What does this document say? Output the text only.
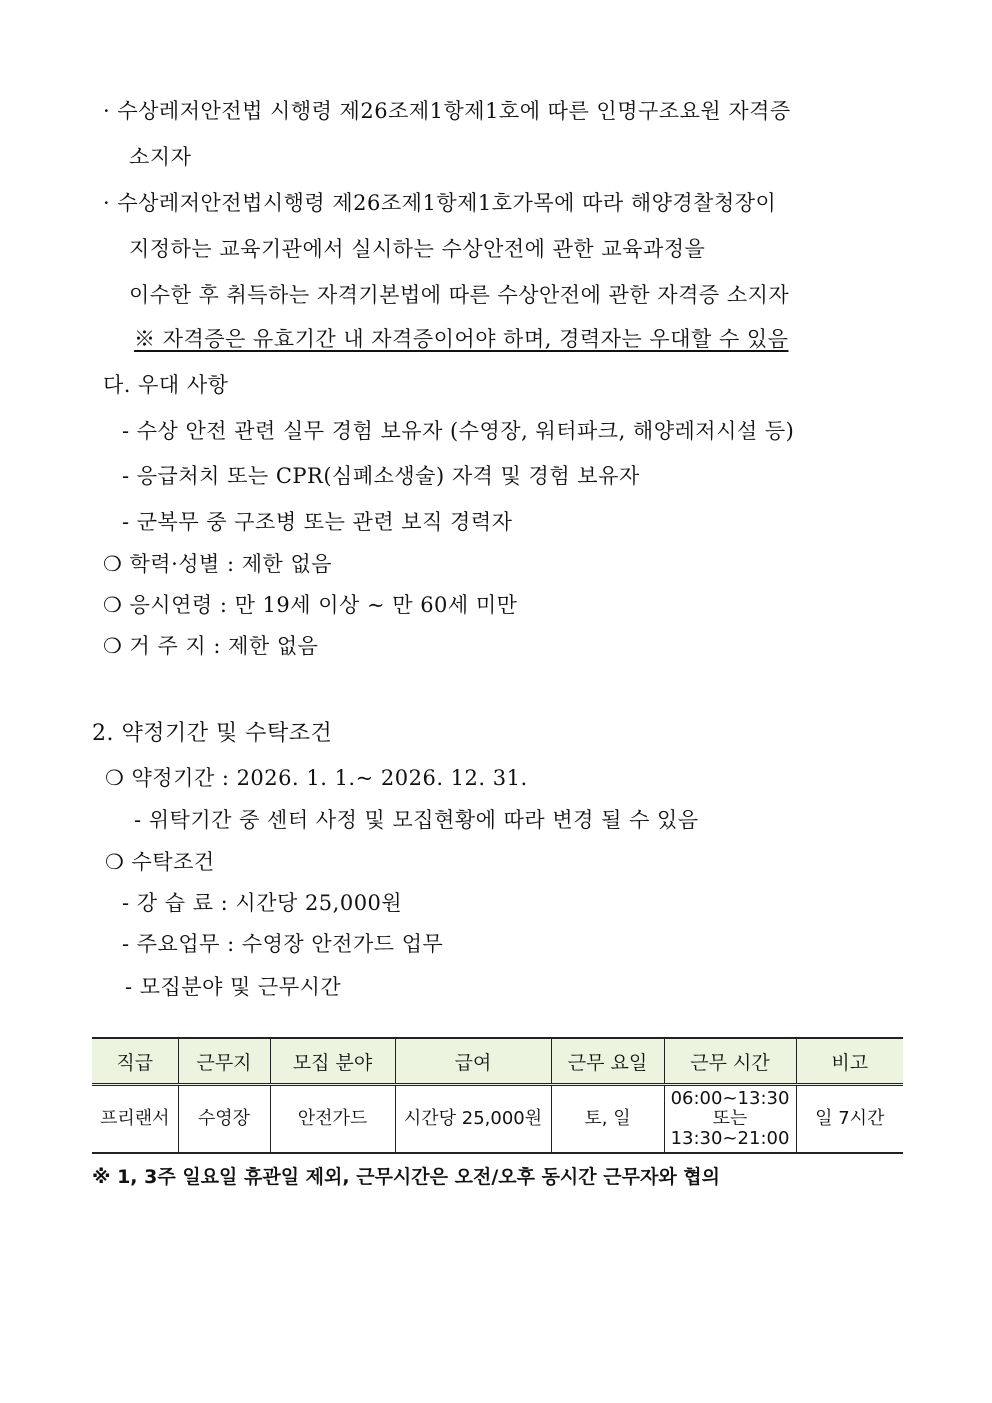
· 수상레저안전법 시행령 제26조제1항제1호에 따른 인명구조요원 자격증
소지자
· 수상레저안전법시행령 제26조제1항제1호가목에 따라 해양경찰청장이
지정하는 교육기관에서 실시하는 수상안전에 관한 교육과정을
이수한 후 취득하는 자격기본법에 따른 수상안전에 관한 자격증 소지자
※ 자격증은 유효기간 내 자격증이어야 하며, 경력자는 우대할 수 있음
다. 우대 사항
- 수상 안전 관련 실무 경험 보유자 (수영장, 워터파크, 해양레저시설 등)
- 응급처치 또는 CPR(심폐소생술) 자격 및 경험 보유자
- 군복무 중 구조병 또는 관련 보직 경력자
❍ 학력·성별 : 제한 없음
❍ 응시연령 : 만 19세 이상 ∼ 만 60세 미만
❍ 거 주 지 : 제한 없음
2. 약정기간 및 수탁조건
❍ 약정기간 : 2026. 1. 1.~ 2026. 12. 31.
- 위탁기간 중 센터 사정 및 모집현황에 따라 변경 될 수 있음
❍ 수탁조건
- 강 습 료 : 시간당 25,000원
- 주요업무 : 수영장 안전가드 업무
- 모집분야 및 근무시간
직급	근무지	모집 분야	급여	근무 요일	근무 시간	비고
프리랜서	수영장	안전가드	시간당 25,000원	토, 일	06:00~13:30
또는
13:30~21:00	일 7시간
※ 1, 3주 일요일 휴관일 제외, 근무시간은 오전/오후 동시간 근무자와 협의
